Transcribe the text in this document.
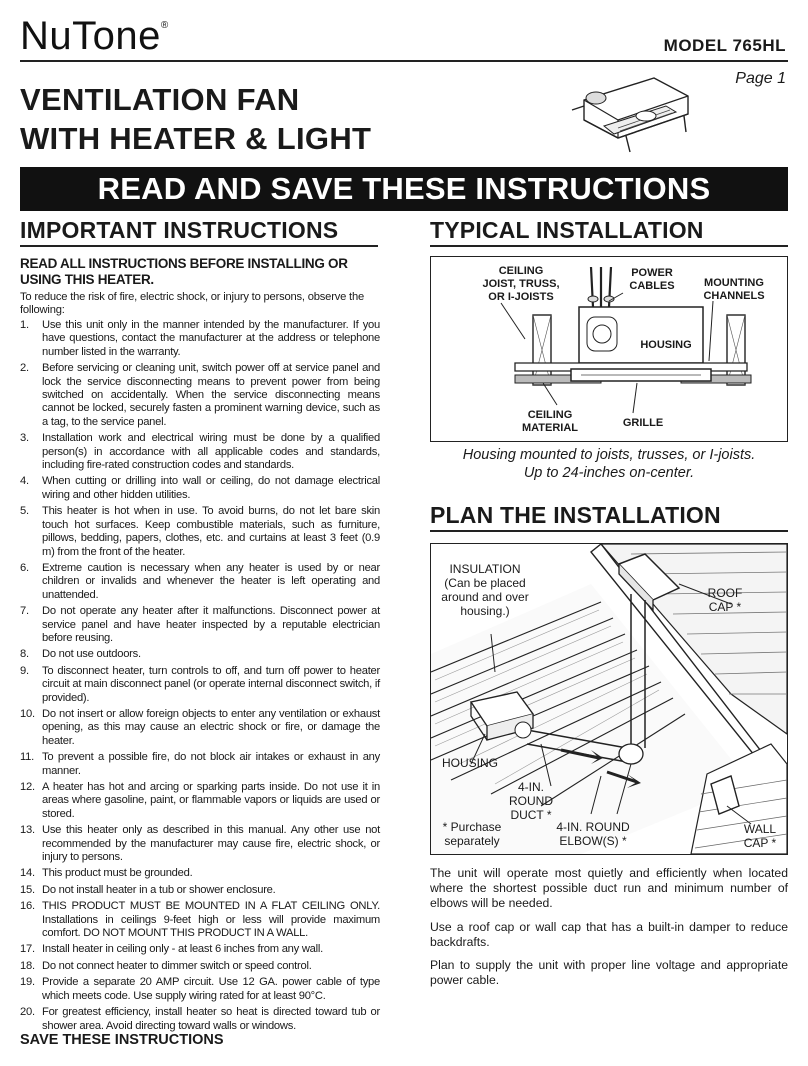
NuTone®
MODEL 765HL
Page 1
VENTILATION FAN
WITH HEATER & LIGHT
READ AND SAVE THESE INSTRUCTIONS
IMPORTANT INSTRUCTIONS
READ ALL INSTRUCTIONS BEFORE INSTALLING OR USING THIS HEATER.

To reduce the risk of fire, electric shock, or injury to persons, observe the following:

1.	Use this unit only in the manner intended by the manufacturer. If you have questions, contact the manufacturer at the address or telephone number listed in the warranty.
2.	Before servicing or cleaning unit, switch power off at service panel and lock the service disconnecting means to prevent power from being switched on accidentally. When the service disconnecting means cannot be locked, securely fasten a prominent warning device, such as a tag, to the service panel.
3.	Installation work and electrical wiring must be done by a qualified person(s) in accordance with all applicable codes and standards, including fire-rated construction codes and standards.
4.	When cutting or drilling into wall or ceiling, do not damage electrical wiring and other hidden utilities.
5.	This heater is hot when in use. To avoid burns, do not let bare skin touch hot surfaces. Keep combustible materials, such as furniture, pillows, bedding, papers, clothes, etc. and curtains at least 3 feet (0.9 m) from the front of the heater.
6.	Extreme caution is necessary when any heater is used by or near children or invalids and whenever the heater is left operating and unattended.
7.	Do not operate any heater after it malfunctions. Disconnect power at service panel and have heater inspected by a reputable electrician before reusing.
8.	Do not use outdoors.
9.	To disconnect heater, turn controls to off, and turn off power to heater circuit at main disconnect panel (or operate internal disconnect switch, if provided).
10. Do not insert or allow foreign objects to enter any ventilation or exhaust opening, as this may cause an electric shock or fire, or damage the heater.
11. To prevent a possible fire, do not block air intakes or exhaust in any manner.
12. A heater has hot and arcing or sparking parts inside. Do not use it in areas where gasoline, paint, or flammable vapors or liquids are used or stored.
13. Use this heater only as described in this manual. Any other use not recommended by the manufacturer may cause fire, electric shock, or injury to persons.
14. This product must be grounded.
15. Do not install heater in a tub or shower enclosure.
16. THIS PRODUCT MUST BE MOUNTED IN A FLAT CEILING ONLY. Installations in ceilings 9-feet high or less will provide maximum comfort. DO NOT MOUNT THIS PRODUCT IN A WALL.
17. Install heater in ceiling only - at least 6 inches from any wall.
18. Do not connect heater to dimmer switch or speed control.
19. Provide a separate 20 AMP circuit. Use 12 GA. power cable of type which meets code. Use supply wiring rated for at least 90°C.
20. For greatest efficiency, install heater so heat is directed toward tub or shower area. Avoid directing toward walls or windows.
SAVE THESE INSTRUCTIONS
TYPICAL INSTALLATION
CEILING
JOIST, TRUSS,
OR I-JOISTS
POWER
CABLES	MOUNTING
CHANNELS
HOUSING
CEILING
MATERIAL	GRILLE
Housing mounted to joists, trusses, or I-joists.
Up to 24-inches on-center.
PLAN THE INSTALLATION
INSULATION
(Can be placed
around and over
housing.)
ROOF
CAP *
HOUSING
4-IN.
ROUND
DUCT *
* Purchase
separately
4-IN. ROUND
ELBOW(S) *
WALL
CAP *
The unit will operate most quietly and efficiently when located where the shortest possible duct run and minimum number of elbows will be needed.
Use a roof cap or wall cap that has a built-in damper to reduce backdrafts.
Plan to supply the unit with proper line voltage and appropriate power cable.
